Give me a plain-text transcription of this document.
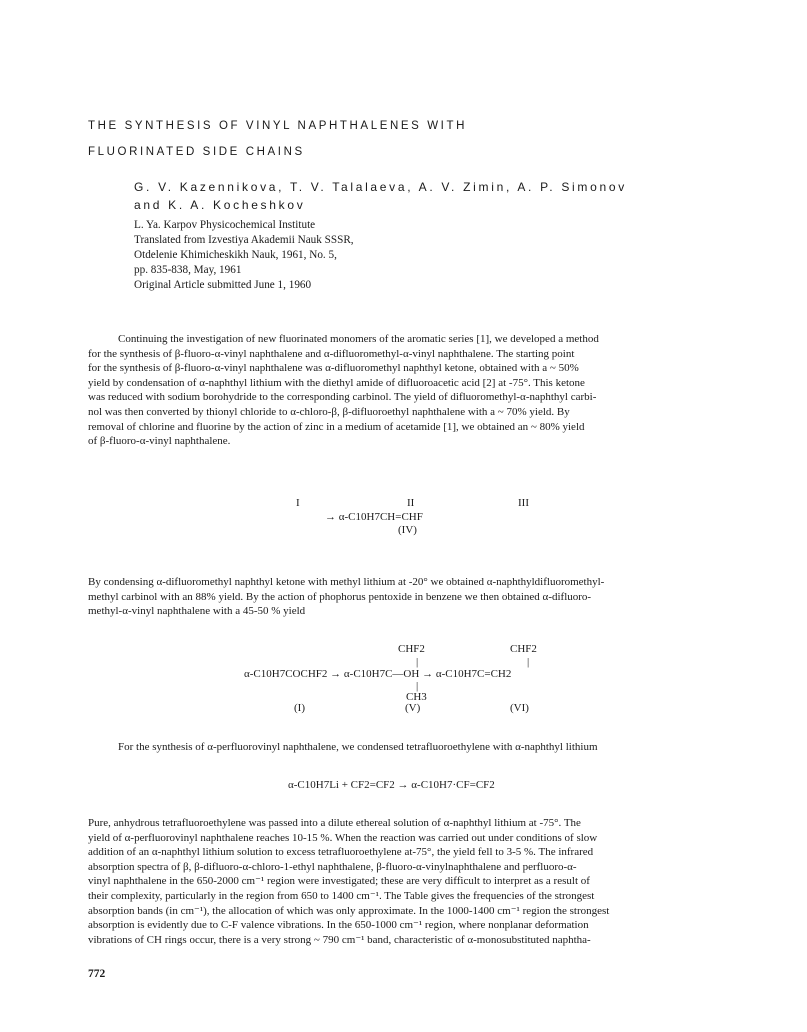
THE SYNTHESIS OF VINYL NAPHTHALENES WITH
FLUORINATED SIDE CHAINS
G. V. Kazennikova, T. V. Talalaeva, A. V. Zimin, A. P. Simonov
and K. A. Kocheshkov
L. Ya. Karpov Physicochemical Institute
Translated from Izvestiya Akademii Nauk SSSR,
Otdelenie Khimicheskikh Nauk, 1961, No. 5,
pp. 835-838, May, 1961
Original Article submitted June 1, 1960
Continuing the investigation of new fluorinated monomers of the aromatic series [1], we developed a method
for the synthesis of β-fluoro-α-vinyl naphthalene and α-difluoromethyl-α-vinyl naphthalene. The starting point
for the synthesis of β-fluoro-α-vinyl naphthalene was α-difluoromethyl naphthyl ketone, obtained with a ~ 50%
yield by condensation of α-naphthyl lithium with the diethyl amide of difluoroacetic acid [2] at -75°. This ketone
was reduced with sodium borohydride to the corresponding carbinol. The yield of difluoromethyl-α-naphthyl carbi-
nol was then converted by thionyl chloride to α-chloro-β, β-difluoroethyl naphthalene with a ~ 70% yield. By
removal of chlorine and fluorine by the action of zinc in a medium of acetamide [1], we obtained an ~ 80% yield
of β-fluoro-α-vinyl naphthalene.
I	II	III
→ α-C10H7CH=CHF
(IV)
By condensing α-difluoromethyl naphthyl ketone with methyl lithium at -20° we obtained α-naphthyldifluoromethyl-
methyl carbinol with an 88% yield. By the action of phophorus pentoxide in benzene we then obtained α-difluoro-
methyl-α-vinyl naphthalene with a 45-50 % yield
CHF2	CHF2
|	|
α-C10H7COCHF2 → α-C10H7C—OH → α-C10H7C=CH2
|
CH3
(I)	(V)	(VI)
For the synthesis of α-perfluorovinyl naphthalene, we condensed tetrafluoroethylene with α-naphthyl lithium
α-C10H7Li + CF2=CF2 → α-C10H7·CF=CF2
Pure, anhydrous tetrafluoroethylene was passed into a dilute ethereal solution of α-naphthyl lithium at -75°. The
yield of α-perfluorovinyl naphthalene reaches 10-15 %. When the reaction was carried out under conditions of slow
addition of an α-naphthyl lithium solution to excess tetrafluoroethylene at-75°, the yield fell to 3-5 %. The infrared
absorption spectra of β, β-difluoro-α-chloro-1-ethyl naphthalene, β-fluoro-α-vinylnaphthalene and perfluoro-α-
vinyl naphthalene in the 650-2000 cm⁻¹ region were investigated; these are very difficult to interpret as a result of
their complexity, particularly in the region from 650 to 1400 cm⁻¹. The Table gives the frequencies of the strongest
absorption bands (in cm⁻¹), the allocation of which was only approximate. In the 1000-1400 cm⁻¹ region the strongest
absorption is evidently due to C-F valence vibrations. In the 650-1000 cm⁻¹ region, where nonplanar deformation
vibrations of CH rings occur, there is a very strong ~ 790 cm⁻¹ band, characteristic of α-monosubstituted naphtha-
772
